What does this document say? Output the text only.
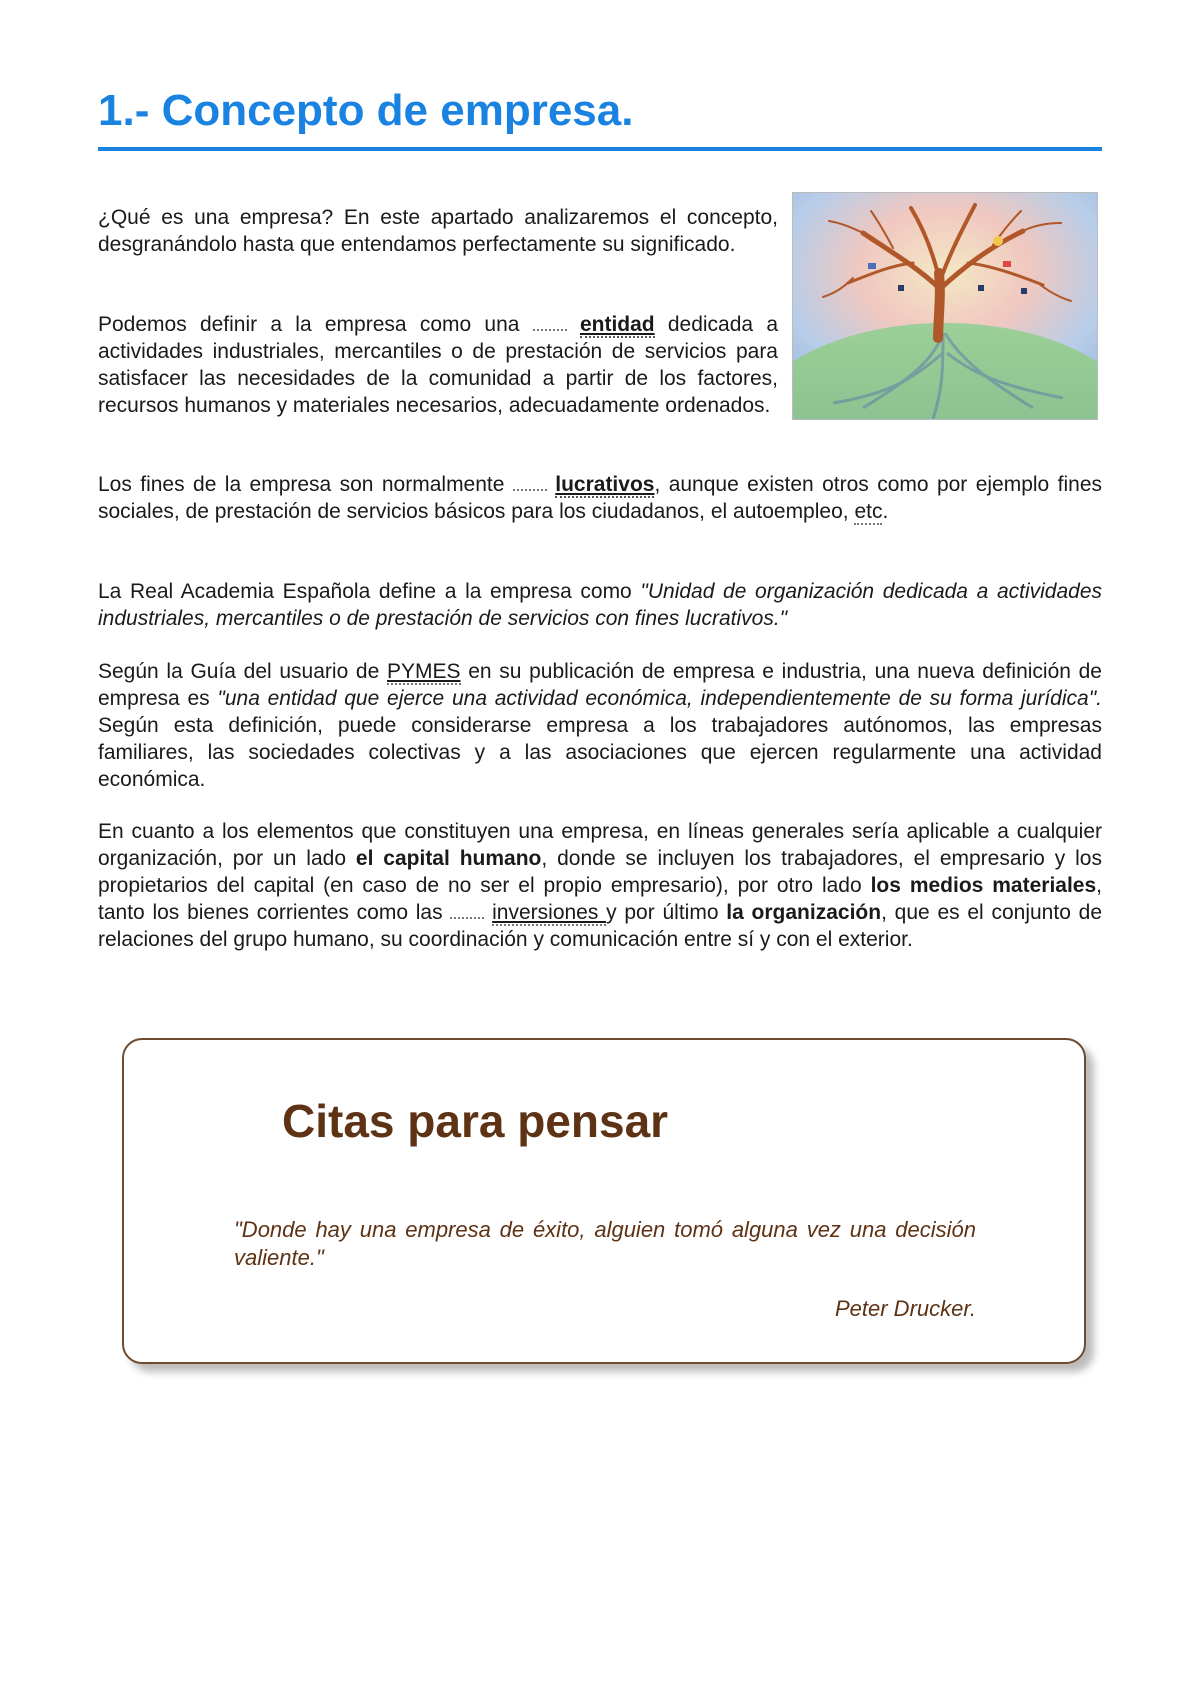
1.- Concepto de empresa.

¿Qué es una empresa? En este apartado analizaremos el concepto, desgranándolo hasta que entendamos perfectamente su significado.

Podemos definir a la empresa como una  entidad dedicada a actividades industriales, mercantiles o de prestación de servicios para satisfacer las necesidades de la comunidad a partir de los factores, recursos humanos y materiales necesarios, adecuadamente ordenados.

Los fines de la empresa son normalmente  lucrativos, aunque existen otros como por ejemplo fines sociales, de prestación de servicios básicos para los ciudadanos, el autoempleo, etc.

La Real Academia Española define a la empresa como "Unidad de organización dedicada a actividades industriales, mercantiles o de prestación de servicios con fines lucrativos."

Según la Guía del usuario de PYMES en su publicación de empresa e industria, una nueva definición de empresa es "una entidad que ejerce una actividad económica, independientemente de su forma jurídica". Según esta definición, puede considerarse empresa a los trabajadores autónomos, las empresas familiares, las sociedades colectivas y a las asociaciones que ejercen regularmente una actividad económica.

En cuanto a los elementos que constituyen una empresa, en líneas generales sería aplicable a cualquier organización, por un lado el capital humano, donde se incluyen los trabajadores, el empresario y los propietarios del capital (en caso de no ser el propio empresario), por otro lado los medios materiales, tanto los bienes corrientes como las  inversiones y por último la organización, que es el conjunto de relaciones del grupo humano, su coordinación y comunicación entre sí y con el exterior.

Citas para pensar

"Donde hay una empresa de éxito, alguien tomó alguna vez una decisión valiente."

Peter Drucker.
